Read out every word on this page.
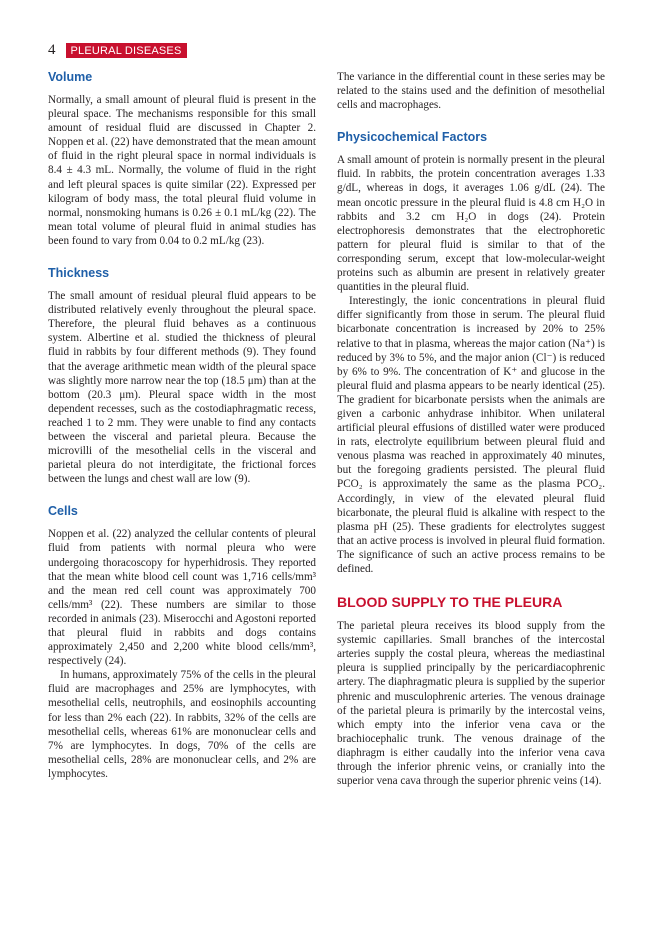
4	PLEURAL DISEASES
Volume

Normally, a small amount of pleural fluid is present in the pleural space. The mechanisms responsible for this small amount of residual fluid are discussed in Chapter 2. Noppen et al. (22) have demonstrated that the mean amount of fluid in the right pleural space in normal individuals is 8.4 ± 4.3 mL. Normally, the volume of fluid in the right and left pleural spaces is quite similar (22). Expressed per kilogram of body mass, the total pleural fluid volume in normal, nonsmoking humans is 0.26 ± 0.1 mL/kg (22). The mean total volume of pleural fluid in animal studies has been found to vary from 0.04 to 0.2 mL/kg (23).

Thickness

The small amount of residual pleural fluid appears to be distributed relatively evenly throughout the pleural space. Therefore, the pleural fluid behaves as a continuous system. Albertine et al. studied the thickness of pleural fluid in rabbits by four different methods (9). They found that the average arithmetic mean width of the pleural space was slightly more narrow near the top (18.5 μm) than at the bottom (20.3 μm). Pleural space width in the most dependent recesses, such as the costodiaphragmatic recess, reached 1 to 2 mm. They were unable to find any contacts between the visceral and parietal pleura. Because the microvilli of the mesothelial cells in the visceral and parietal pleura do not interdigitate, the frictional forces between the lungs and chest wall are low (9).

Cells

Noppen et al. (22) analyzed the cellular contents of pleural fluid from patients with normal pleura who were undergoing thoracoscopy for hyperhidrosis. They reported that the mean white blood cell count was 1,716 cells/mm³ and the mean red cell count was approximately 700 cells/mm³ (22). These numbers are similar to those recorded in animals (23). Miserocchi and Agostoni reported that pleural fluid in rabbits and dogs contains approximately 2,450 and 2,200 white blood cells/mm³, respectively (24).

In humans, approximately 75% of the cells in the pleural fluid are macrophages and 25% are lymphocytes, with mesothelial cells, neutrophils, and eosinophils accounting for less than 2% each (22). In rabbits, 32% of the cells are mesothelial cells, whereas 61% are mononuclear cells and 7% are lymphocytes. In dogs, 70% of the cells are mesothelial cells, 28% are mononuclear cells, and 2% are lymphocytes.

The variance in the differential count in these series may be related to the stains used and the definition of mesothelial cells and macrophages.

Physicochemical Factors

A small amount of protein is normally present in the pleural fluid. In rabbits, the protein concentration averages 1.33 g/dL, whereas in dogs, it averages 1.06 g/dL (24). The mean oncotic pressure in the pleural fluid is 4.8 cm H₂O in rabbits and 3.2 cm H₂O in dogs (24). Protein electrophoresis demonstrates that the electrophoretic pattern for pleural fluid is similar to that of the corresponding serum, except that low-molecular-weight proteins such as albumin are present in relatively greater quantities in the pleural fluid.

Interestingly, the ionic concentrations in pleural fluid differ significantly from those in serum. The pleural fluid bicarbonate concentration is increased by 20% to 25% relative to that in plasma, whereas the major cation (Na⁺) is reduced by 3% to 5%, and the major anion (Cl⁻) is reduced by 6% to 9%. The concentration of K⁺ and glucose in the pleural fluid and plasma appears to be nearly identical (25). The gradient for bicarbonate persists when the animals are given a carbonic anhydrase inhibitor. When unilateral artificial pleural effusions of distilled water were produced in rats, electrolyte equilibrium between pleural fluid and venous plasma was reached in approximately 40 minutes, but the foregoing gradients persisted. The pleural fluid PCO₂ is approximately the same as the plasma PCO₂. Accordingly, in view of the elevated pleural fluid bicarbonate, the pleural fluid is alkaline with respect to the plasma pH (25). These gradients for electrolytes suggest that an active process is involved in pleural fluid formation. The significance of such an active process remains to be defined.

BLOOD SUPPLY TO THE PLEURA

The parietal pleura receives its blood supply from the systemic capillaries. Small branches of the intercostal arteries supply the costal pleura, whereas the mediastinal pleura is supplied principally by the pericardiacophrenic artery. The diaphragmatic pleura is supplied by the superior phrenic and musculophrenic arteries. The venous drainage of the parietal pleura is primarily by the intercostal veins, which empty into the inferior vena cava or the brachiocephalic trunk. The venous drainage of the diaphragm is either caudally into the inferior vena cava through the inferior phrenic veins, or cranially into the superior vena cava through the superior phrenic veins (14).
